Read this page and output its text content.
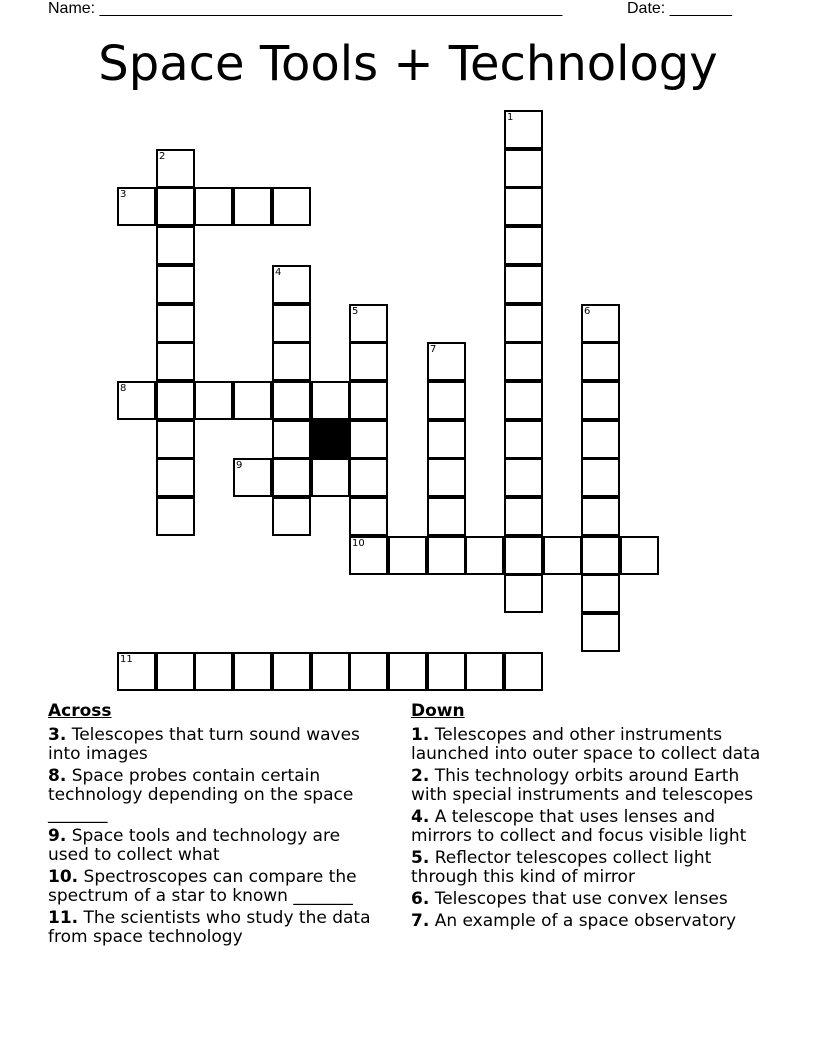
Name: ____________________________________________________	Date: _______
Space Tools + Technology
3
8
9
10
11
1
2
4
5	6
7
Across
3. Telescopes that turn sound waves into images
8. Space probes contain certain technology depending on the space _______
9. Space tools and technology are used to collect what
10. Spectroscopes can compare the spectrum of a star to known _______
11. The scientists who study the data from space technology
Down
1. Telescopes and other instruments launched into outer space to collect data
2. This technology orbits around Earth with special instruments and telescopes
4. A telescope that uses lenses and mirrors to collect and focus visible light
5. Reflector telescopes collect light through this kind of mirror
6. Telescopes that use convex lenses
7. An example of a space observatory
